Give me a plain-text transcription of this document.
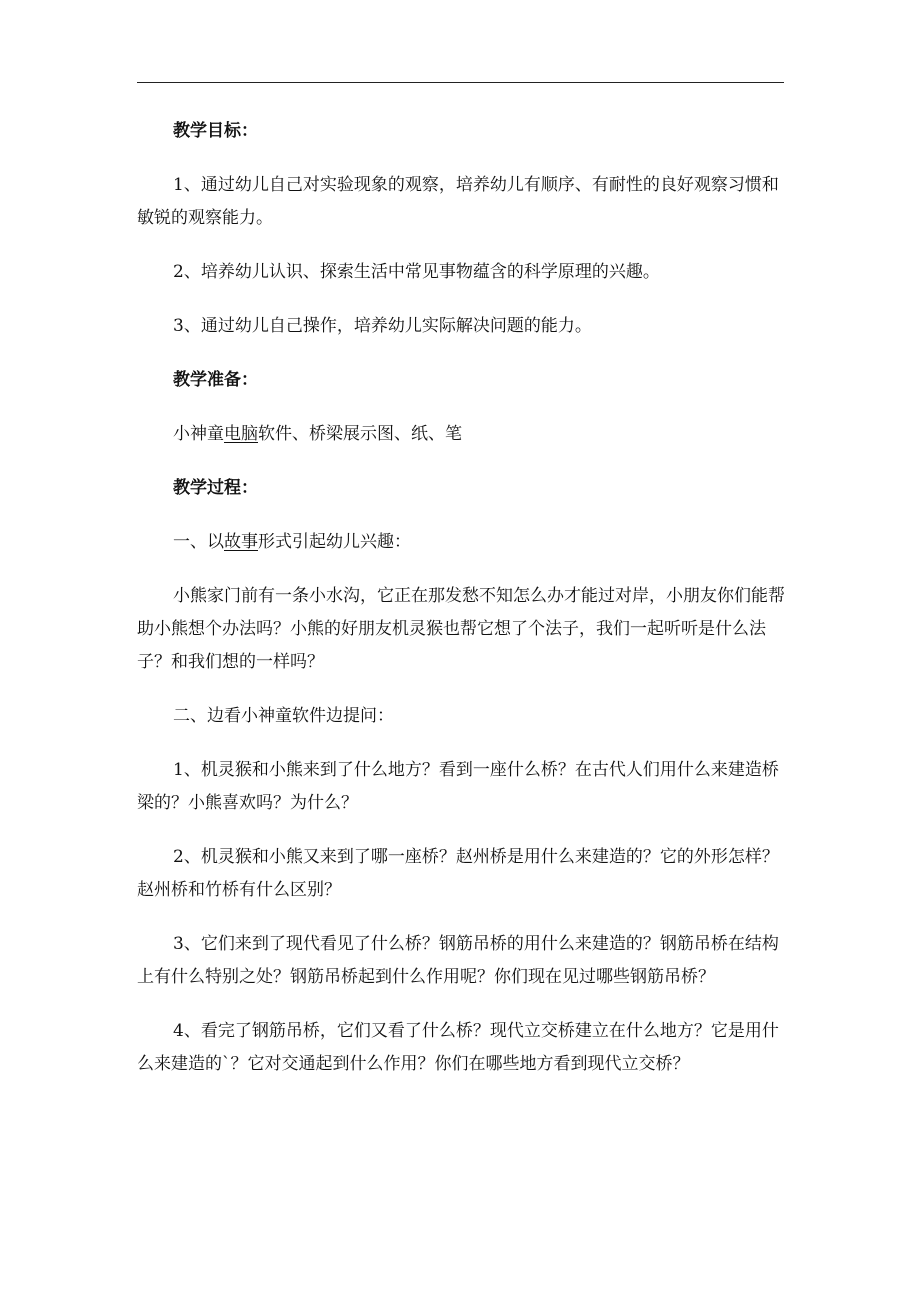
教学目标：

1、通过幼儿自己对实验现象的观察，培养幼儿有顺序、有耐性的良好观察习惯和敏锐的观察能力。

2、培养幼儿认识、探索生活中常见事物蕴含的科学原理的兴趣。

3、通过幼儿自己操作，培养幼儿实际解决问题的能力。

教学准备：

小神童电脑软件、桥梁展示图、纸、笔

教学过程：

一、以故事形式引起幼儿兴趣：

小熊家门前有一条小水沟，它正在那发愁不知怎么办才能过对岸，小朋友你们能帮助小熊想个办法吗？小熊的好朋友机灵猴也帮它想了个法子，我们一起听听是什么法子？和我们想的一样吗？

二、边看小神童软件边提问：

1、机灵猴和小熊来到了什么地方？看到一座什么桥？在古代人们用什么来建造桥梁的？小熊喜欢吗？为什么？

2、机灵猴和小熊又来到了哪一座桥？赵州桥是用什么来建造的？它的外形怎样？赵州桥和竹桥有什么区别？

3、它们来到了现代看见了什么桥？钢筋吊桥的用什么来建造的？钢筋吊桥在结构上有什么特别之处？钢筋吊桥起到什么作用呢？你们现在见过哪些钢筋吊桥？

4、看完了钢筋吊桥，它们又看了什么桥？现代立交桥建立在什么地方？它是用什么来建造的`？它对交通起到什么作用？你们在哪些地方看到现代立交桥？
